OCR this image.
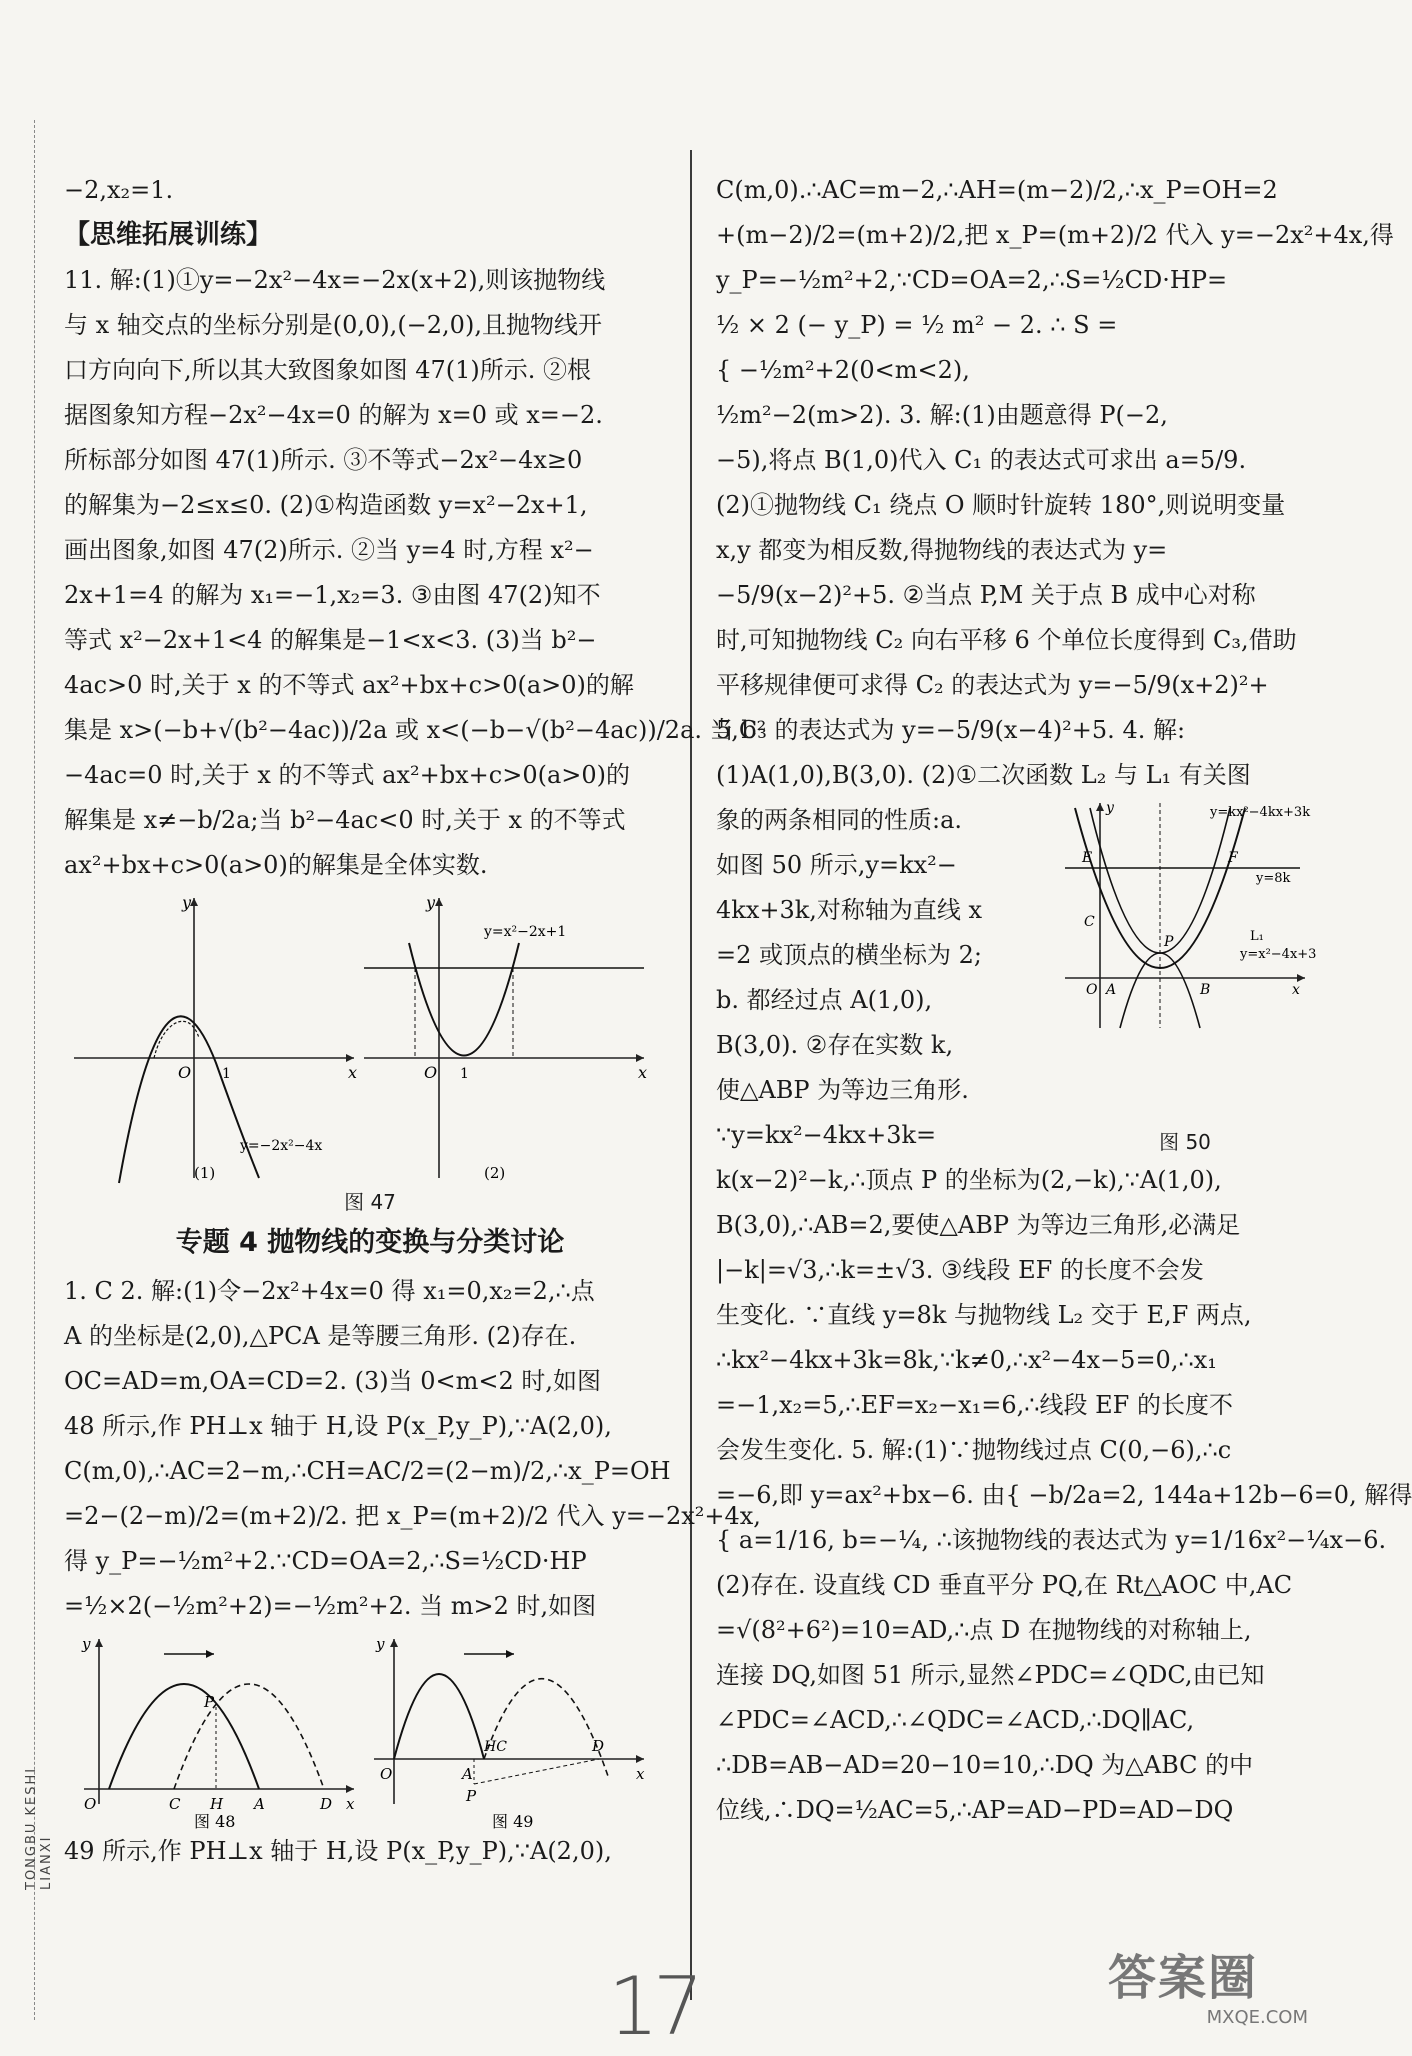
TONGBU KESHI LIANXI
−2,x₂=1.
【思维拓展训练】
11. 解:(1)①y=−2x²−4x=−2x(x+2),则该抛物线
与 x 轴交点的坐标分别是(0,0),(−2,0),且抛物线开
口方向向下,所以其大致图象如图 47(1)所示. ②根
据图象知方程−2x²−4x=0 的解为 x=0 或 x=−2.
所标部分如图 47(1)所示. ③不等式−2x²−4x≥0
的解集为−2≤x≤0. (2)①构造函数 y=x²−2x+1,
画出图象,如图 47(2)所示. ②当 y=4 时,方程 x²−
2x+1=4 的解为 x₁=−1,x₂=3. ③由图 47(2)知不
等式 x²−2x+1<4 的解集是−1<x<3. (3)当 b²−
4ac>0 时,关于 x 的不等式 ax²+bx+c>0(a>0)的解
集是 x>(−b+√(b²−4ac))/2a 或 x<(−b−√(b²−4ac))/2a. 当 b²
−4ac=0 时,关于 x 的不等式 ax²+bx+c>0(a>0)的
解集是 x≠−b/2a;当 b²−4ac<0 时,关于 x 的不等式
ax²+bx+c>0(a>0)的解集是全体实数.
y
x
O 1
y=−2x²−4x
(1)
y
x
O 1
y=x²−2x+1
(2)
图 47
专题 4 抛物线的变换与分类讨论
1. C 2. 解:(1)令−2x²+4x=0 得 x₁=0,x₂=2,∴点
A 的坐标是(2,0),△PCA 是等腰三角形. (2)存在.
OC=AD=m,OA=CD=2. (3)当 0<m<2 时,如图
48 所示,作 PH⊥x 轴于 H,设 P(x_P,y_P),∵A(2,0),
C(m,0),∴AC=2−m,∴CH=AC/2=(2−m)/2,∴x_P=OH
=2−(2−m)/2=(m+2)/2. 把 x_P=(m+2)/2 代入 y=−2x²+4x,
得 y_P=−½m²+2.∵CD=OA=2,∴S=½CD·HP
=½×2(−½m²+2)=−½m²+2. 当 m>2 时,如图
y
P
O	C H A	D x
y
HC	D
O	A
P
x
图 48	图 49
49 所示,作 PH⊥x 轴于 H,设 P(x_P,y_P),∵A(2,0),
C(m,0).∴AC=m−2,∴AH=(m−2)/2,∴x_P=OH=2
+(m−2)/2=(m+2)/2,把 x_P=(m+2)/2 代入 y=−2x²+4x,得
y_P=−½m²+2,∵CD=OA=2,∴S=½CD·HP=
½ × 2 (− y_P) = ½ m² − 2. ∴ S =
{ −½m²+2(0<m<2),
½m²−2(m>2). 3. 解:(1)由题意得 P(−2,
−5),将点 B(1,0)代入 C₁ 的表达式可求出 a=5/9.
(2)①抛物线 C₁ 绕点 O 顺时针旋转 180°,则说明变量
x,y 都变为相反数,得抛物线的表达式为 y=
−5/9(x−2)²+5. ②当点 P,M 关于点 B 成中心对称
时,可知抛物线 C₂ 向右平移 6 个单位长度得到 C₃,借助
平移规律便可求得 C₂ 的表达式为 y=−5/9(x+2)²+
5,C₃ 的表达式为 y=−5/9(x−4)²+5. 4. 解:
(1)A(1,0),B(3,0). (2)①二次函数 L₂ 与 L₁ 有关图
y=kx²−4kx+3k
y=8k
L₁
y=x²−4x+3
E	F
C
P
O A	B
y
x
图 50
象的两条相同的性质:a.
如图 50 所示,y=kx²−
4kx+3k,对称轴为直线 x
=2 或顶点的横坐标为 2;
b. 都经过点 A(1,0),
B(3,0). ②存在实数 k,
使△ABP 为等边三角形.
∵y=kx²−4kx+3k=
k(x−2)²−k,∴顶点 P 的坐标为(2,−k),∵A(1,0),
B(3,0),∴AB=2,要使△ABP 为等边三角形,必满足
|−k|=√3,∴k=±√3. ③线段 EF 的长度不会发
生变化. ∵直线 y=8k 与抛物线 L₂ 交于 E,F 两点,
∴kx²−4kx+3k=8k,∵k≠0,∴x²−4x−5=0,∴x₁
=−1,x₂=5,∴EF=x₂−x₁=6,∴线段 EF 的长度不
会发生变化. 5. 解:(1)∵抛物线过点 C(0,−6),∴c
=−6,即 y=ax²+bx−6. 由{ −b/2a=2, 144a+12b−6=0, 解得
{ a=1/16, b=−¼, ∴该抛物线的表达式为 y=1/16x²−¼x−6.
(2)存在. 设直线 CD 垂直平分 PQ,在 Rt△AOC 中,AC
=√(8²+6²)=10=AD,∴点 D 在抛物线的对称轴上,
连接 DQ,如图 51 所示,显然∠PDC=∠QDC,由已知
∠PDC=∠ACD,∴∠QDC=∠ACD,∴DQ∥AC,
∴DB=AB−AD=20−10=10,∴DQ 为△ABC 的中
位线,∴DQ=½AC=5,∴AP=AD−PD=AD−DQ
17	答案圈
MXQE.COM
